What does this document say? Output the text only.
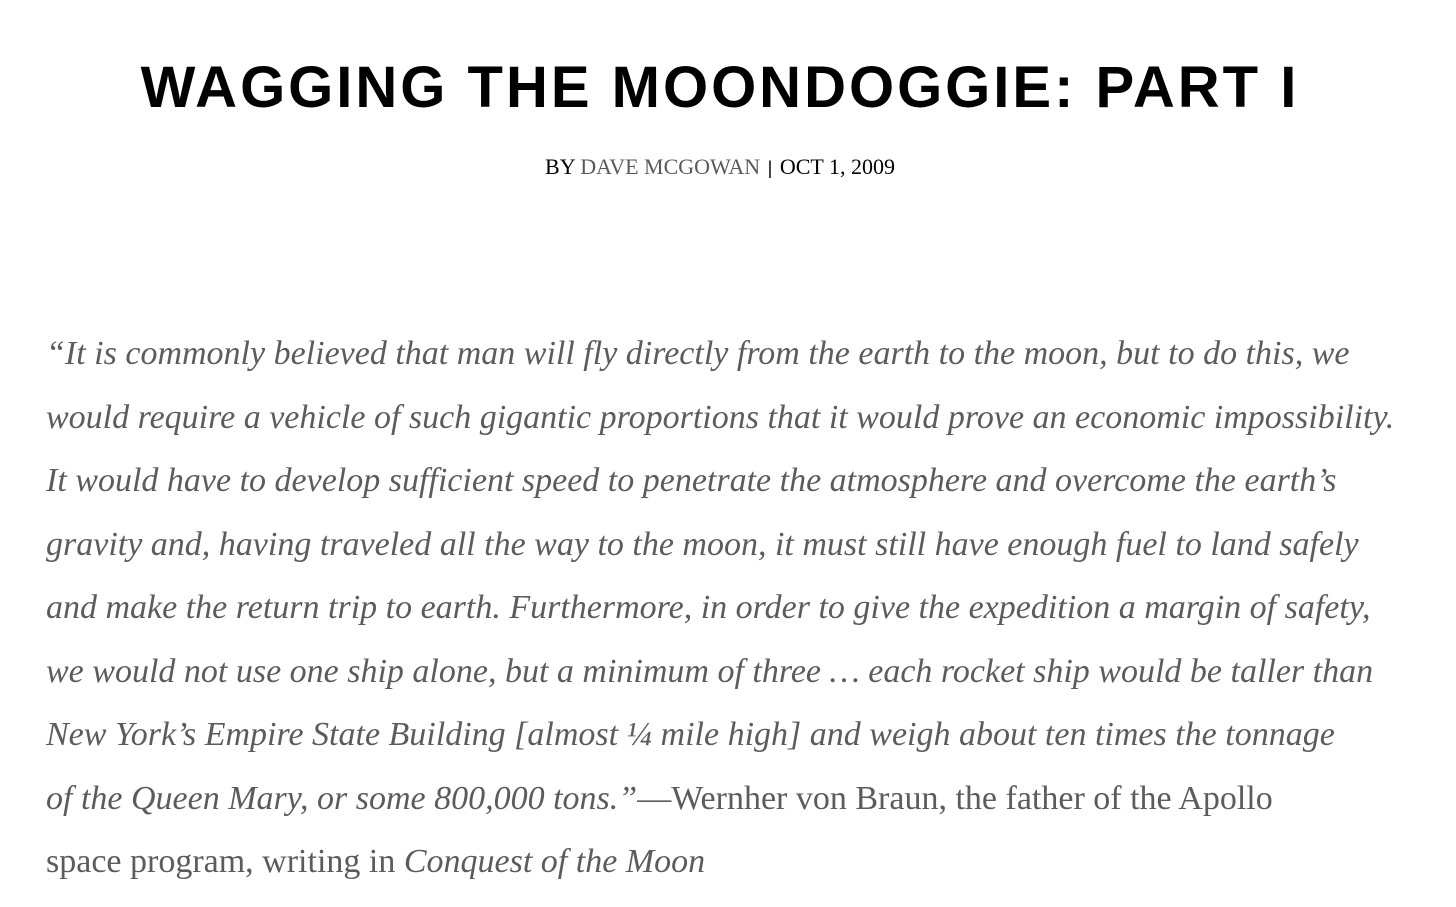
WAGGING THE MOONDOGGIE: PART I
BY DAVE MCGOWAN | OCT 1, 2009
“It is commonly believed that man will fly directly from the earth to the moon, but to do this, we
would require a vehicle of such gigantic proportions that it would prove an economic impossibility.
It would have to develop sufficient speed to penetrate the atmosphere and overcome the earth’s
gravity and, having traveled all the way to the moon, it must still have enough fuel to land safely
and make the return trip to earth. Furthermore, in order to give the expedition a margin of safety,
we would not use one ship alone, but a minimum of three … each rocket ship would be taller than
New York’s Empire State Building [almost ¼ mile high] and weigh about ten times the tonnage
of the Queen Mary, or some 800,000 tons.”—Wernher von Braun, the father of the Apollo
space program, writing in Conquest of the Moon
